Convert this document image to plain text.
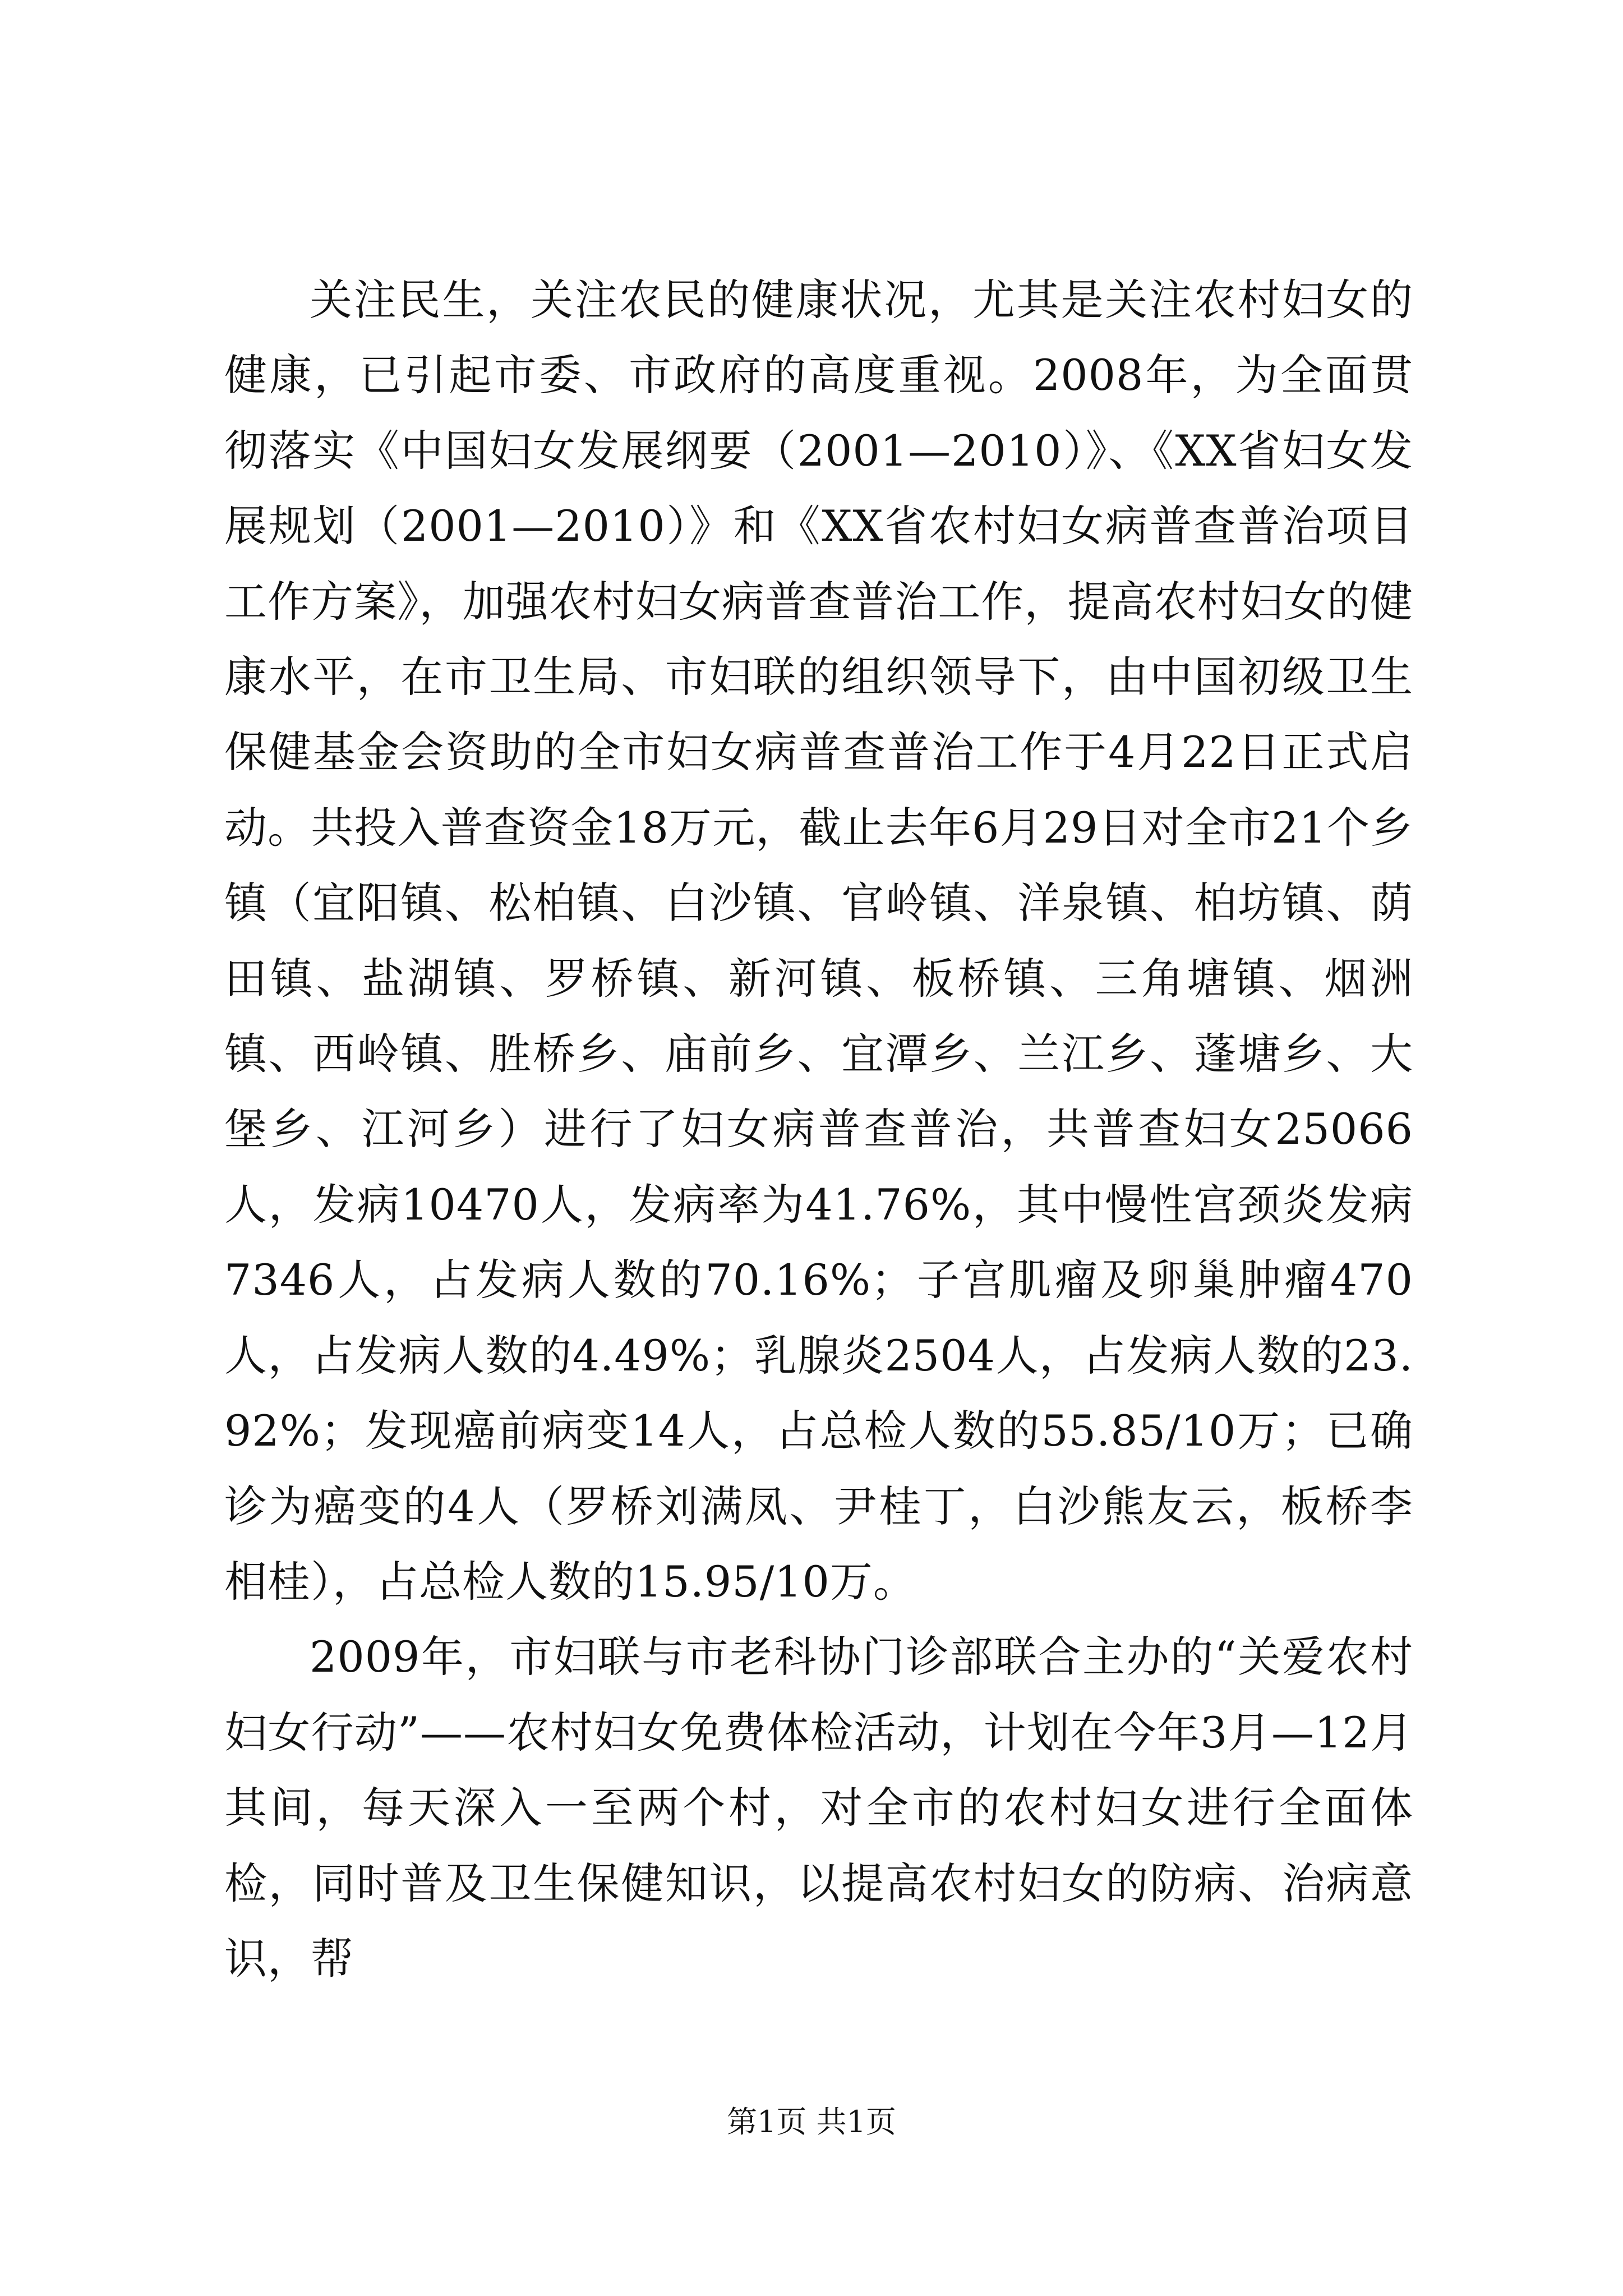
关注民生，关注农民的健康状况，尤其是关注农村妇女的健康，已引起市委、市政府的高度重视。2008年，为全面贯彻落实《中国妇女发展纲要（2001—2010）》、《XX省妇女发展规划（2001—2010）》和《XX省农村妇女病普查普治项目工作方案》，加强农村妇女病普查普治工作，提高农村妇女的健康水平，在市卫生局、市妇联的组织领导下，由中国初级卫生保健基金会资助的全市妇女病普查普治工作于4月22日正式启动。共投入普查资金18万元，截止去年6月29日对全市21个乡镇（宜阳镇、松柏镇、白沙镇、官岭镇、洋泉镇、柏坊镇、荫田镇、盐湖镇、罗桥镇、新河镇、板桥镇、三角塘镇、烟洲镇、西岭镇、胜桥乡、庙前乡、宜潭乡、兰江乡、蓬塘乡、大堡乡、江河乡）进行了妇女病普查普治，共普查妇女25066人，发病10470人，发病率为41.76%，其中慢性宫颈炎发病7346人，占发病人数的70.16%；子宫肌瘤及卵巢肿瘤470人，占发病人数的4.49%；乳腺炎2504人，占发病人数的23.92%；发现癌前病变14人，占总检人数的55.85/10万；已确诊为癌变的4人（罗桥刘满凤、尹桂丁，白沙熊友云，板桥李相桂），占总检人数的15.95/10万。

2009年，市妇联与市老科协门诊部联合主办的“关爱农村妇女行动”——农村妇女免费体检活动，计划在今年3月—12月其间，每天深入一至两个村，对全市的农村妇女进行全面体检，同时普及卫生保健知识，以提高农村妇女的防病、治病意识，帮

第1页 共1页
